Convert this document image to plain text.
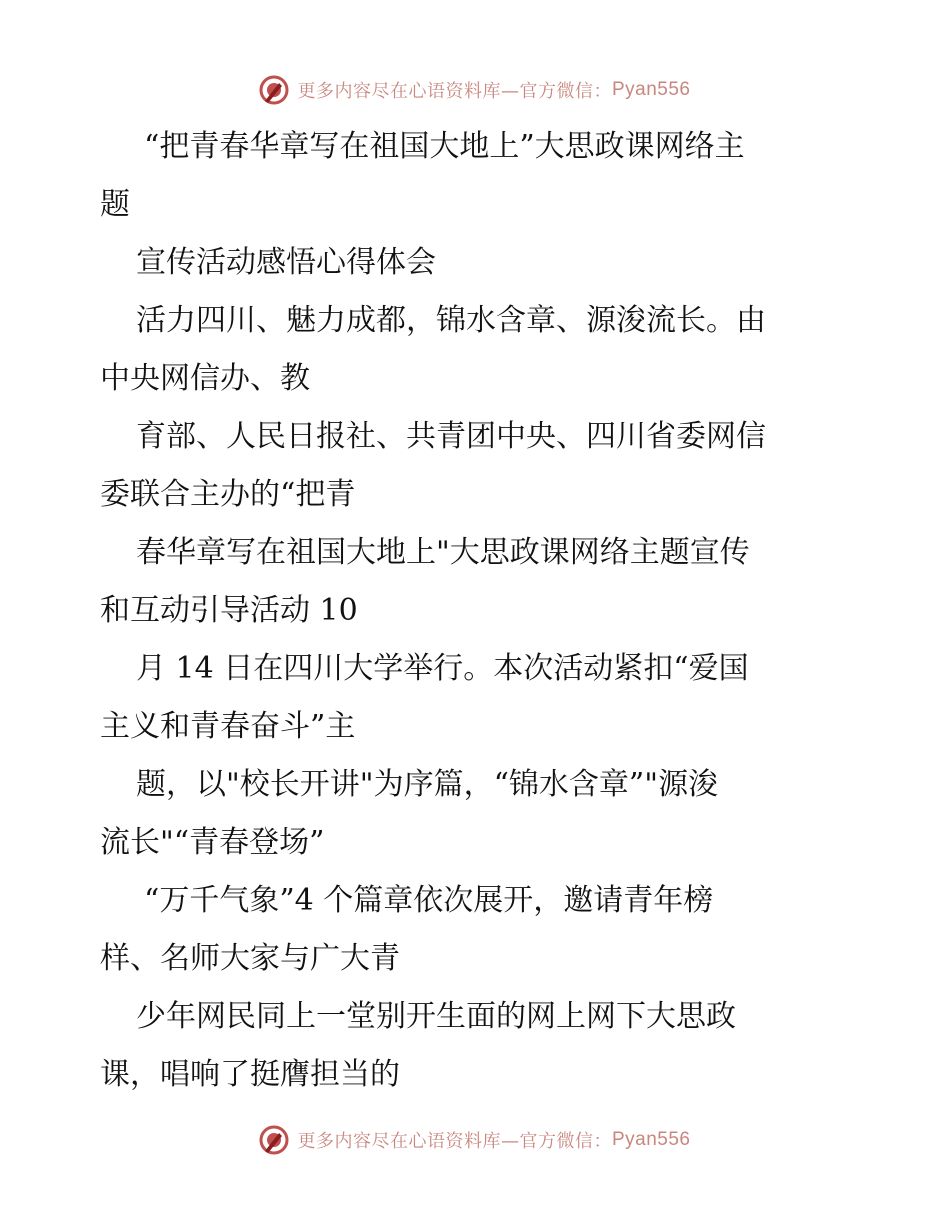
更多内容尽在心语资料库—官方微信： Pyan556
“把青春华章写在祖国大地上”大思政课网络主
题
宣传活动感悟心得体会
活力四川、魅力成都，锦水含章、源浚流长。由
中央网信办、教
育部、人民日报社、共青团中央、四川省委网信
委联合主办的“把青
春华章写在祖国大地上"大思政课网络主题宣传
和互动引导活动 10
月 14 日在四川大学举行。本次活动紧扣“爱国
主义和青春奋斗”主
题，以"校长开讲"为序篇，“锦水含章”"源浚
流长"“青春登场”
“万千气象”4 个篇章依次展开，邀请青年榜
样、名师大家与广大青
少年网民同上一堂别开生面的网上网下大思政
课，唱响了挺膺担当的
更多内容尽在心语资料库—官方微信： Pyan556
